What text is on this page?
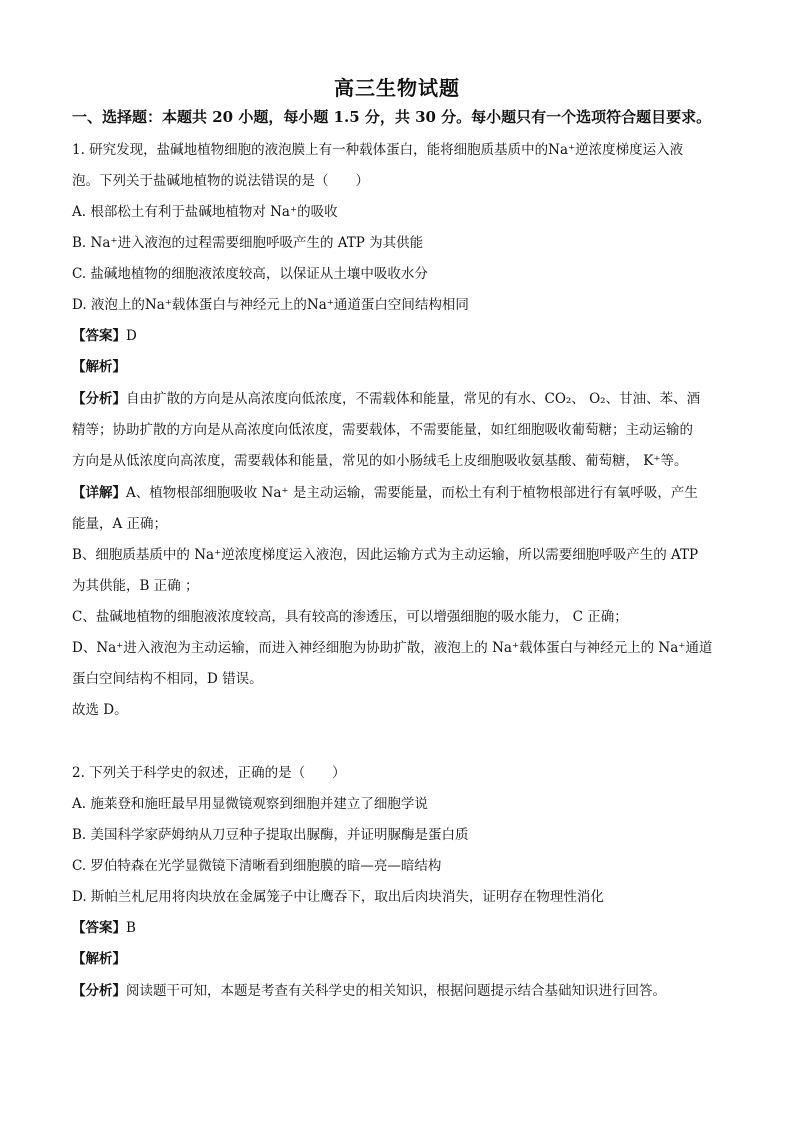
高三生物试题
一、选择题：本题共 20 小题，每小题 1.5 分，共 30 分。每小题只有一个选项符合题目要求。
1. 研究发现，盐碱地植物细胞的液泡膜上有一种载体蛋白，能将细胞质基质中的Na⁺逆浓度梯度运入液
泡。下列关于盐碱地植物的说法错误的是（　　）
A. 根部松土有利于盐碱地植物对 Na⁺的吸收
B. Na⁺进入液泡的过程需要细胞呼吸产生的 ATP 为其供能
C. 盐碱地植物的细胞液浓度较高，以保证从土壤中吸收水分
D. 液泡上的Na⁺载体蛋白与神经元上的Na⁺通道蛋白空间结构相同
【答案】D
【解析】
【分析】自由扩散的方向是从高浓度向低浓度，不需载体和能量，常见的有水、CO₂、 O₂、甘油、苯、酒
精等；协助扩散的方向是从高浓度向低浓度，需要载体，不需要能量，如红细胞吸收葡萄糖；主动运输的
方向是从低浓度向高浓度，需要载体和能量，常见的如小肠绒毛上皮细胞吸收氨基酸、葡萄糖， K⁺等。
【详解】A、植物根部细胞吸收 Na⁺ 是主动运输，需要能量，而松土有利于植物根部进行有氧呼吸，产生
能量，A 正确；
B、细胞质基质中的 Na⁺逆浓度梯度运入液泡，因此运输方式为主动运输，所以需要细胞呼吸产生的 ATP
为其供能，B 正确 ；
C、盐碱地植物的细胞液浓度较高，具有较高的渗透压，可以增强细胞的吸水能力， C 正确；
D、Na⁺进入液泡为主动运输，而进入神经细胞为协助扩散，液泡上的 Na⁺载体蛋白与神经元上的 Na⁺通道
蛋白空间结构不相同，D 错误。
故选 D。
2. 下列关于科学史的叙述，正确的是（　　）
A. 施莱登和施旺最早用显微镜观察到细胞并建立了细胞学说
B. 美国科学家萨姆纳从刀豆种子提取出脲酶，并证明脲酶是蛋白质
C. 罗伯特森在光学显微镜下清晰看到细胞膜的暗—亮—暗结构
D. 斯帕兰札尼用将肉块放在金属笼子中让鹰吞下，取出后肉块消失，证明存在物理性消化
【答案】B
【解析】
【分析】阅读题干可知，本题是考查有关科学史的相关知识，根据问题提示结合基础知识进行回答。
